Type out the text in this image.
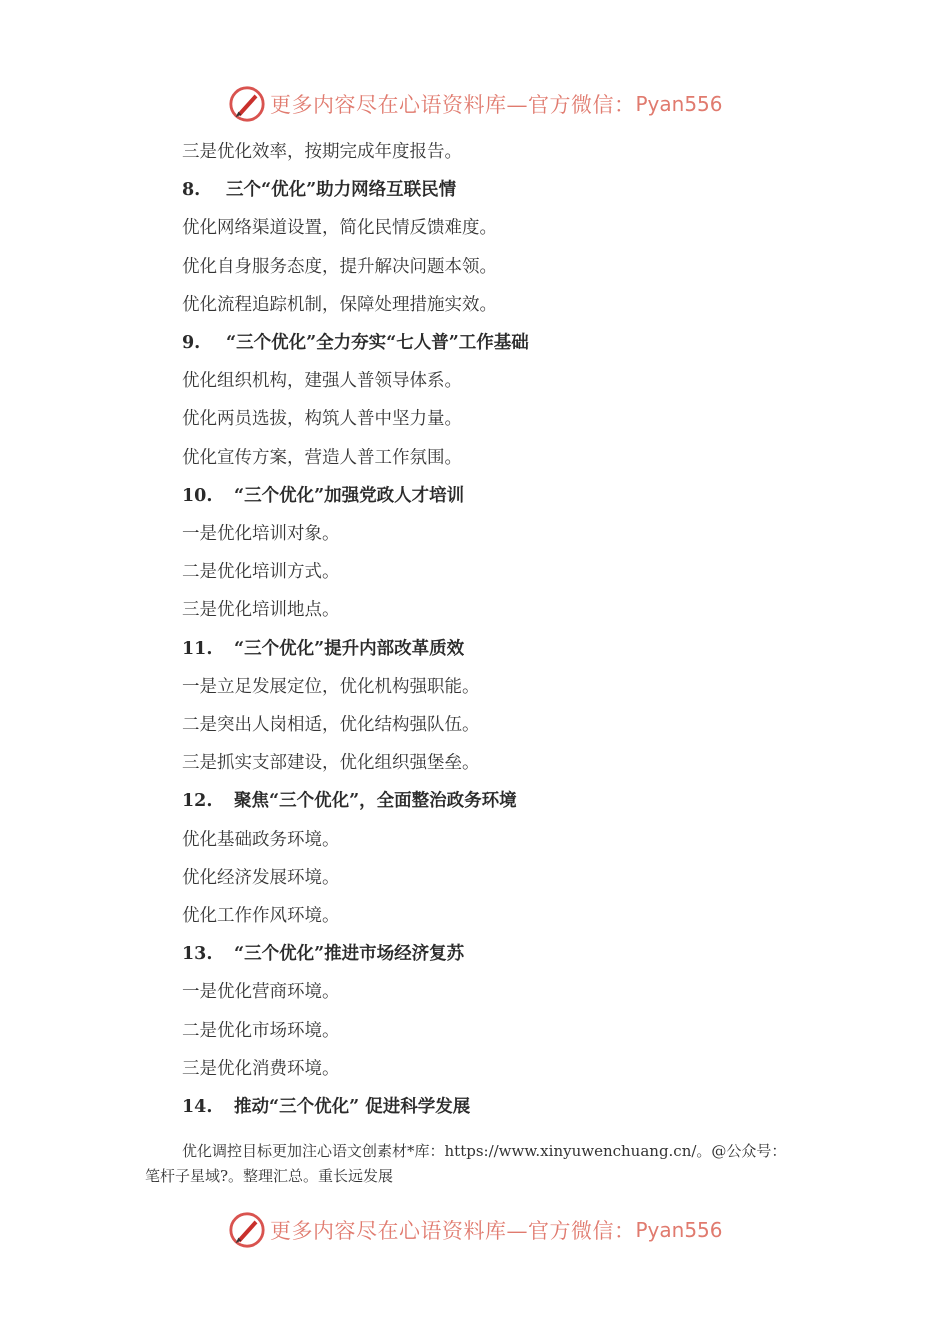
更多内容尽在心语资料库—官方微信： Pyan556
三是优化效率，按期完成年度报告。
8. 三个“优化”助力网络互联民情
优化网络渠道设置，简化民情反馈难度。
优化自身服务态度，提升解决问题本领。
优化流程追踪机制，保障处理措施实效。
9. “三个优化”全力夯实“七人普”工作基础
优化组织机构，建强人普领导体系。
优化两员选拔，构筑人普中坚力量。
优化宣传方案，营造人普工作氛围。
10. “三个优化”加强党政人才培训
一是优化培训对象。
二是优化培训方式。
三是优化培训地点。
11. “三个优化”提升内部改革质效
一是立足发展定位，优化机构强职能。
二是突出人岗相适，优化结构强队伍。
三是抓实支部建设，优化组织强堡垒。
12. 聚焦“三个优化”，全面整治政务环境
优化基础政务环境。
优化经济发展环境。
优化工作作风环境。
13. “三个优化”推进市场经济复苏
一是优化营商环境。
二是优化市场环境。
三是优化消费环境。
14. 推动“三个优化” 促进科学发展
优化调控目标更加注心语文创素材*库：https://www.xinyuwenchuang.cn/。@公众号：
笔杆子星域?。整理汇总。重长远发展
更多内容尽在心语资料库—官方微信： Pyan556
